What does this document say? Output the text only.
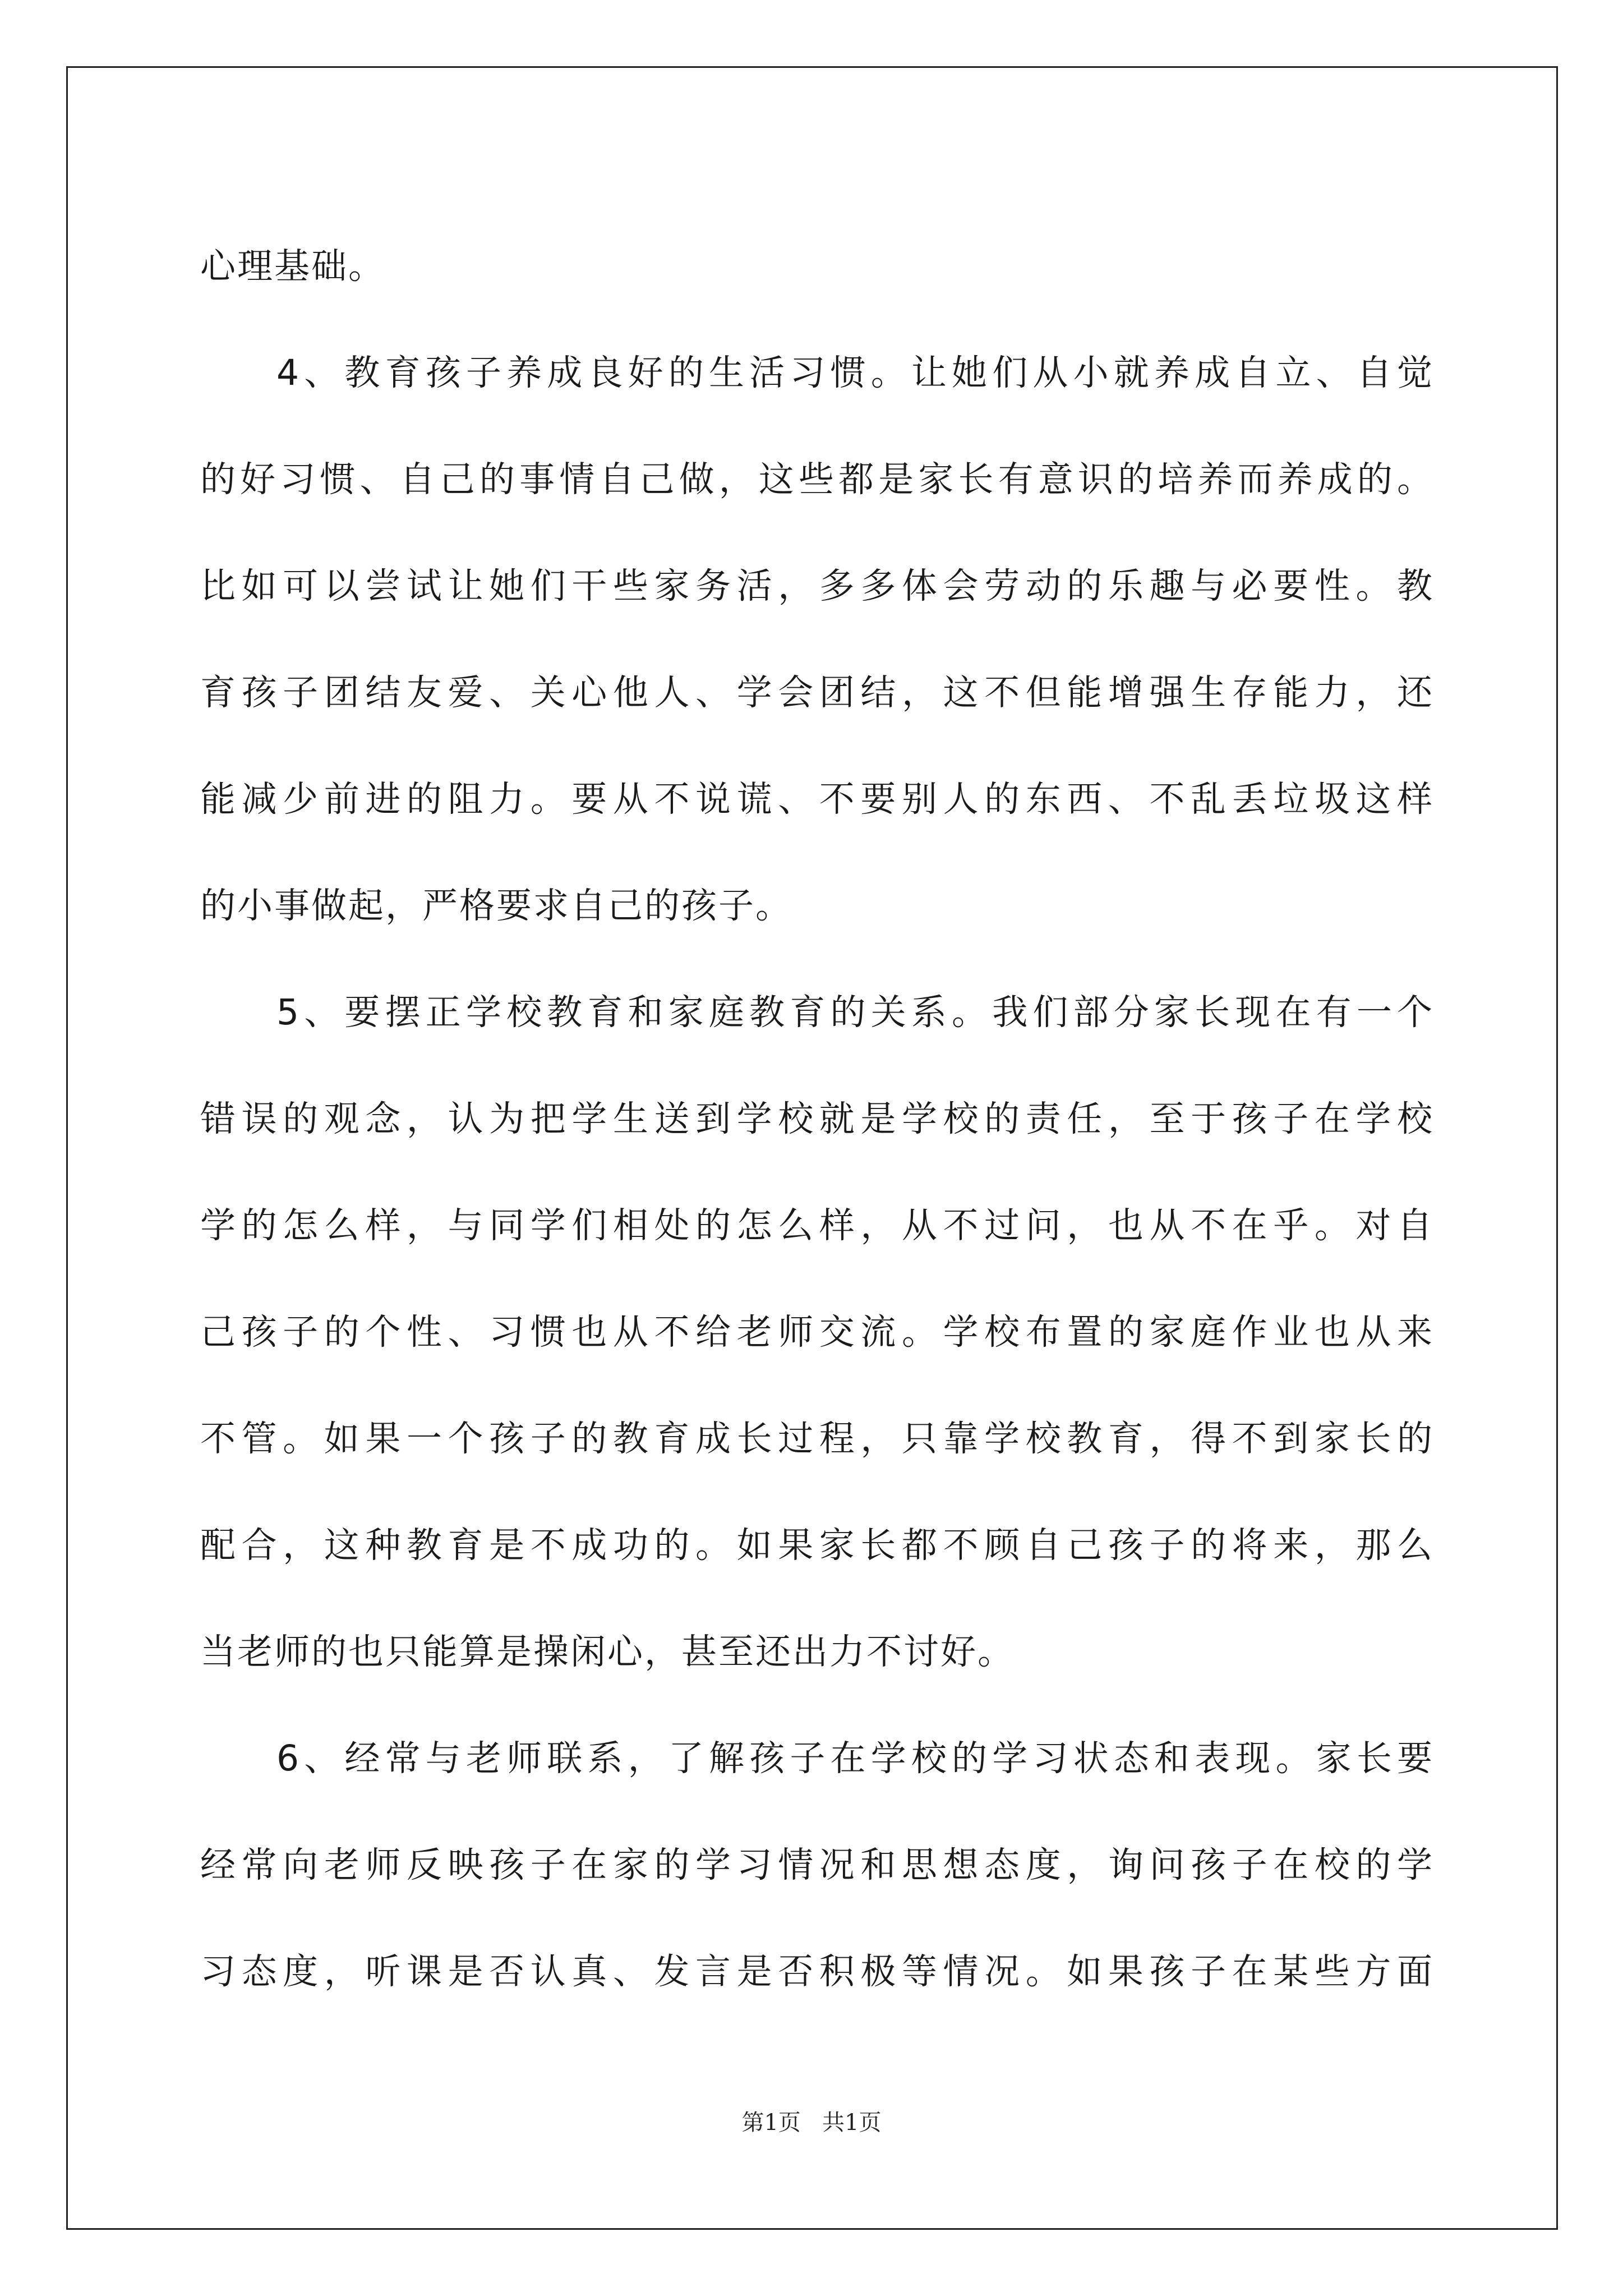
心理基础。
4、教育孩子养成良好的生活习惯。让她们从小就养成自立、自觉
的好习惯、自己的事情自己做，这些都是家长有意识的培养而养成的。
比如可以尝试让她们干些家务活，多多体会劳动的乐趣与必要性。教
育孩子团结友爱、关心他人、学会团结，这不但能增强生存能力，还
能减少前进的阻力。要从不说谎、不要别人的东西、不乱丢垃圾这样
的小事做起，严格要求自己的孩子。
5、要摆正学校教育和家庭教育的关系。我们部分家长现在有一个
错误的观念，认为把学生送到学校就是学校的责任，至于孩子在学校
学的怎么样，与同学们相处的怎么样，从不过问，也从不在乎。对自
己孩子的个性、习惯也从不给老师交流。学校布置的家庭作业也从来
不管。如果一个孩子的教育成长过程，只靠学校教育，得不到家长的
配合，这种教育是不成功的。如果家长都不顾自己孩子的将来，那么
当老师的也只能算是操闲心，甚至还出力不讨好。
6、经常与老师联系，了解孩子在学校的学习状态和表现。家长要
经常向老师反映孩子在家的学习情况和思想态度，询问孩子在校的学
习态度，听课是否认真、发言是否积极等情况。如果孩子在某些方面
第1页   共1页
